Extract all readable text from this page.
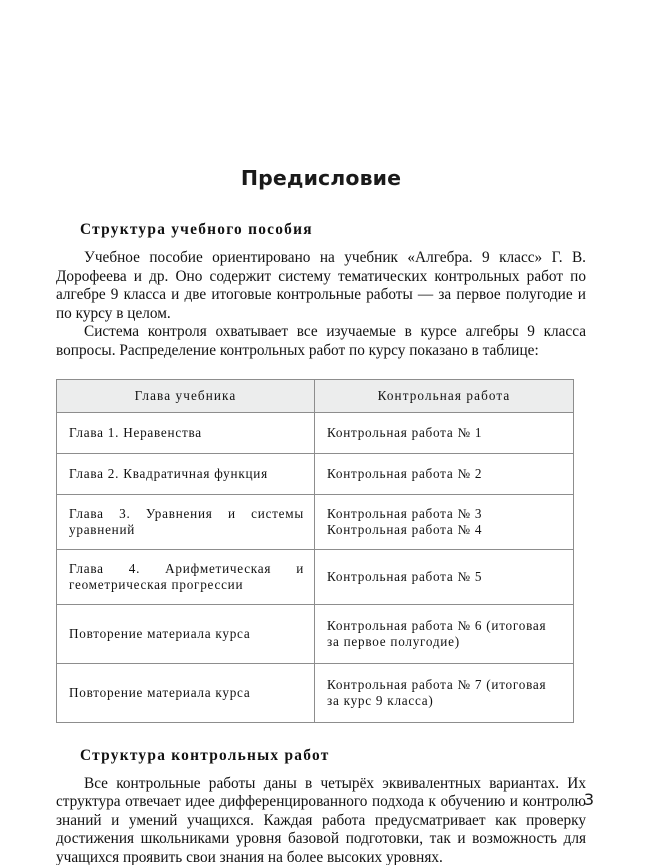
Предисловие
Структура учебного пособия

Учебное пособие ориентировано на учебник «Алгебра. 9 класс» Г. В. Дорофеева и др. Оно содержит систему тематических контрольных работ по алгебре 9 класса и две итоговые контрольные работы — за первое полугодие и по курсу в целом.

Система контроля охватывает все изучаемые в курсе алгебры 9 класса вопросы. Распределение контрольных работ по курсу показано в таблице:

Глава учебника	Контрольная работа
Глава 1. Неравенства	Контрольная работа № 1

Глава 2. Квадратичная функция	Контрольная работа № 2

Глава 3. Уравнения и системы уравнений	Контрольная работа № 3
Контрольная работа № 4

Глава 4. Арифметическая и геометрическая прогрессии	Контрольная работа № 5

Повторение материала курса	Контрольная работа № 6 (итоговая
за первое полугодие)

Повторение материала курса	Контрольная работа № 7 (итоговая
за курс 9 класса)
Структура контрольных работ

Все контрольные работы даны в четырёх эквивалентных вариантах. Их структура отвечает идее дифференцированного подхода к обучению и контролю знаний и умений учащихся. Каждая работа предусматривает как проверку достижения школьниками уровня базовой подготовки, так и возможность для учащихся проявить свои знания на более высоких уровнях.

3
